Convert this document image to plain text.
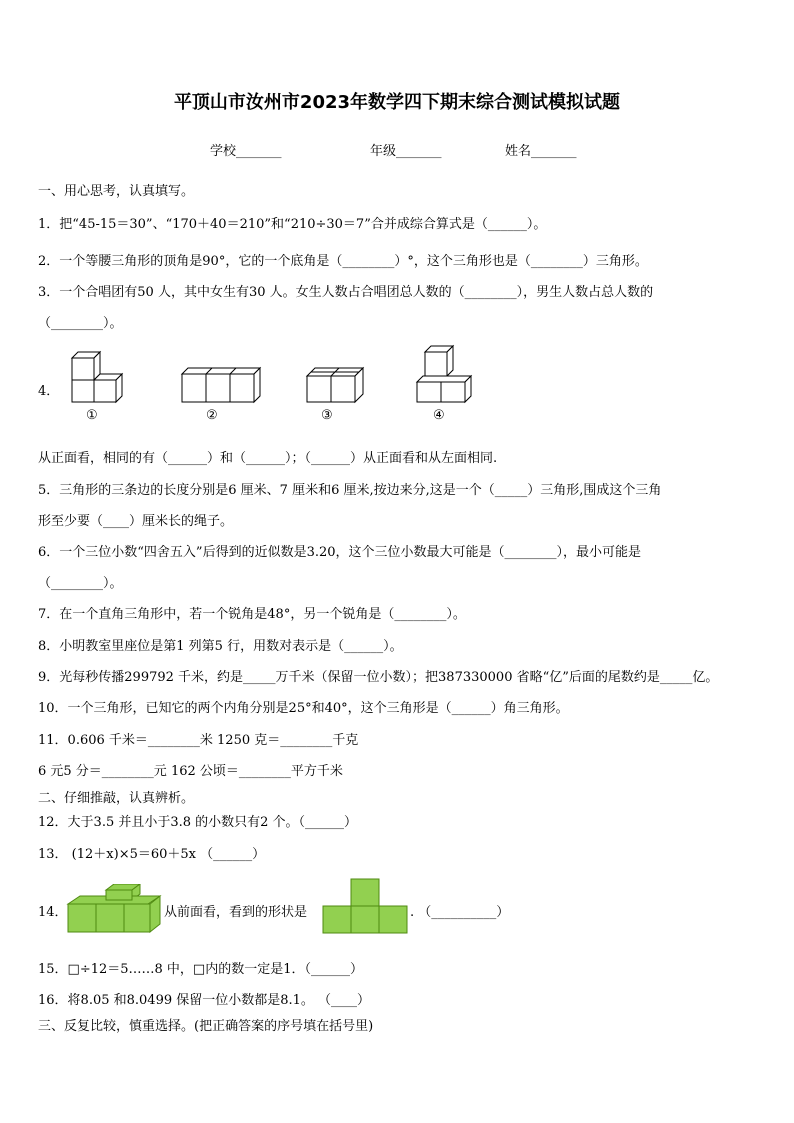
平顶山市汝州市2023年数学四下期末综合测试模拟试题
学校_______	年级_______	姓名_______
一、用心思考，认真填写。
1．把“45-15＝30”、“170＋40＝210”和“210÷30＝7”合并成综合算式是（______）。
2．一个等腰三角形的顶角是90°，它的一个底角是（________）°，这个三角形也是（________）三角形。
3．一个合唱团有50 人，其中女生有30 人。女生人数占合唱团总人数的（________），男生人数占总人数的
（________）。
4．
①	②	③	④
从正面看，相同的有（______）和（______）；（______）从正面看和从左面相同.
5．三角形的三条边的长度分别是6 厘米、7 厘米和6 厘米,按边来分,这是一个（_____）三角形,围成这个三角
形至少要（____）厘米长的绳子。
6．一个三位小数“四舍五入”后得到的近似数是3.20，这个三位小数最大可能是（________），最小可能是
（________）。
7．在一个直角三角形中，若一个锐角是48°，另一个锐角是（________）。
8．小明教室里座位是第1 列第5 行，用数对表示是（______）。
9．光每秒传播299792 千米，约是_____万千米（保留一位小数）；把387330000 省略“亿”后面的尾数约是_____亿。
10．一个三角形，已知它的两个内角分别是25°和40°，这个三角形是（______）角三角形。
11．0.606 千米＝________米 1250 克＝________千克
6 元5 分＝________元 162 公顷＝________平方千米
二、仔细推敲，认真辨析。
12．大于3.5 并且小于3.8 的小数只有2 个。（______）
13． (12＋x)×5＝60＋5x （______）
14．	从前面看，看到的形状是	. （__________）
15．□÷12＝5……8 中，□内的数一定是1．（______）
16．将8.05 和8.0499 保留一位小数都是8.1。 （____）
三、反复比较，慎重选择。(把正确答案的序号填在括号里)
